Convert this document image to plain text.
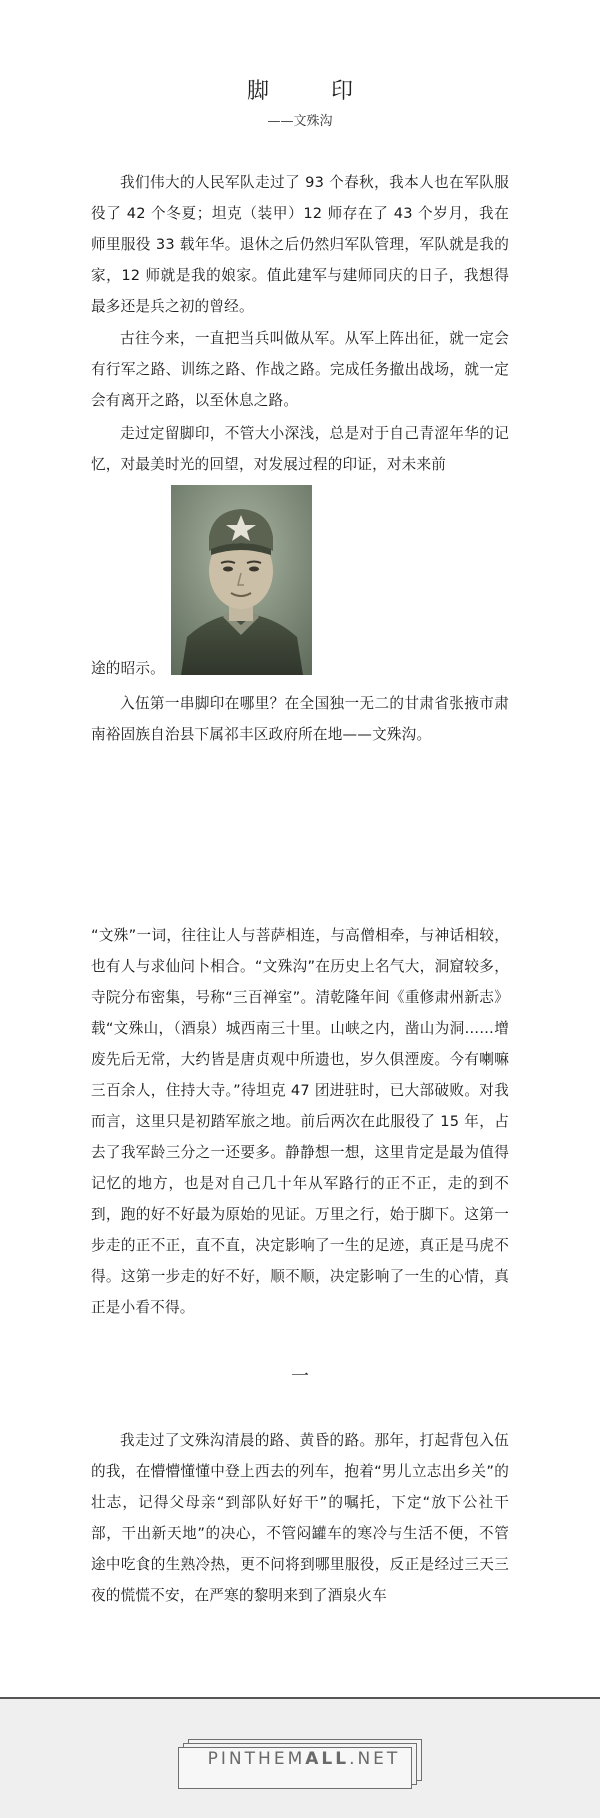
脚印
——文殊沟

我们伟大的人民军队走过了 93 个春秋，我本人也在军队服役了 42 个冬夏；坦克（装甲）12 师存在了 43 个岁月，我在师里服役 33 载年华。退休之后仍然归军队管理，军队就是我的家，12 师就是我的娘家。值此建军与建师同庆的日子，我想得最多还是兵之初的曾经。

古往今来，一直把当兵叫做从军。从军上阵出征，就一定会有行军之路、训练之路、作战之路。完成任务撤出战场，就一定会有离开之路，以至休息之路。

走过定留脚印，不管大小深浅，总是对于自己青涩年华的记忆，对最美时光的回望，对发展过程的印证，对未来前

途的昭示。

入伍第一串脚印在哪里？在全国独一无二的甘肃省张掖市肃南裕固族自治县下属祁丰区政府所在地——文殊沟。

“文殊”一词，往往让人与菩萨相连，与高僧相牵，与神话相较，也有人与求仙问卜相合。“文殊沟”在历史上名气大，洞窟较多，寺院分布密集，号称“三百禅室”。清乾隆年间《重修肃州新志》载“文殊山，（酒泉）城西南三十里。山峡之内，凿山为洞……增废先后无常，大约皆是唐贞观中所遗也，岁久俱湮废。今有喇嘛三百余人，住持大寺。”待坦克 47 团进驻时，已大部破败。对我而言，这里只是初踏军旅之地。前后两次在此服役了 15 年，占去了我军龄三分之一还要多。静静想一想，这里肯定是最为值得记忆的地方，也是对自己几十年从军路行的正不正，走的到不到，跑的好不好最为原始的见证。万里之行，始于脚下。这第一步走的正不正，直不直，决定影响了一生的足迹，真正是马虎不得。这第一步走的好不好，顺不顺，决定影响了一生的心情，真正是小看不得。

一

我走过了文殊沟清晨的路、黄昏的路。那年，打起背包入伍的我，在懵懵懂懂中登上西去的列车，抱着“男儿立志出乡关”的壮志，记得父母亲“到部队好好干”的嘱托，下定“放下公社干部，干出新天地”的决心，不管闷罐车的寒冷与生活不便，不管途中吃食的生熟冷热，更不问将到哪里服役，反正是经过三天三夜的慌慌不安，在严寒的黎明来到了酒泉火车

PINTHEMALL.NET
